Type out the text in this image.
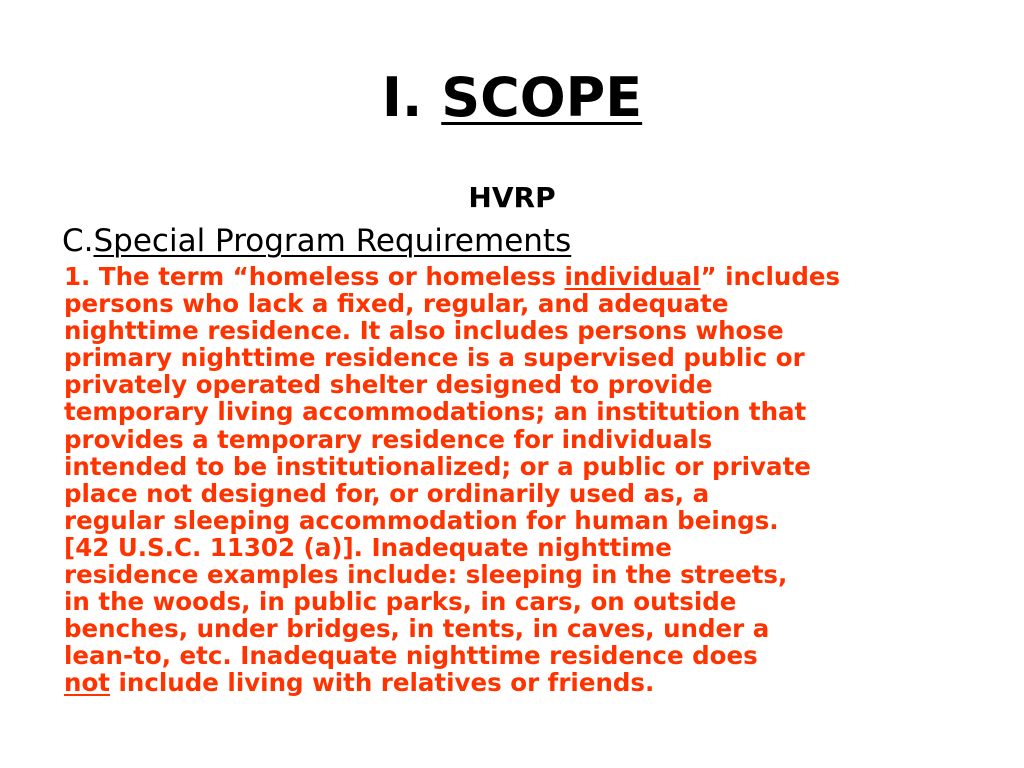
I. SCOPE
HVRP
C.Special Program Requirements
1. The term “homeless or homeless individual” includes
persons who lack a fixed, regular, and adequate
nighttime residence. It also includes persons whose
primary nighttime residence is a supervised public or
privately operated shelter designed to provide
temporary living accommodations; an institution that
provides a temporary residence for individuals
intended to be institutionalized; or a public or private
place not designed for, or ordinarily used as, a
regular sleeping accommodation for human beings.
[42 U.S.C. 11302 (a)]. Inadequate nighttime
residence examples include: sleeping in the streets,
in the woods, in public parks, in cars, on outside
benches, under bridges, in tents, in caves, under a
lean-to, etc. Inadequate nighttime residence does
not include living with relatives or friends.
